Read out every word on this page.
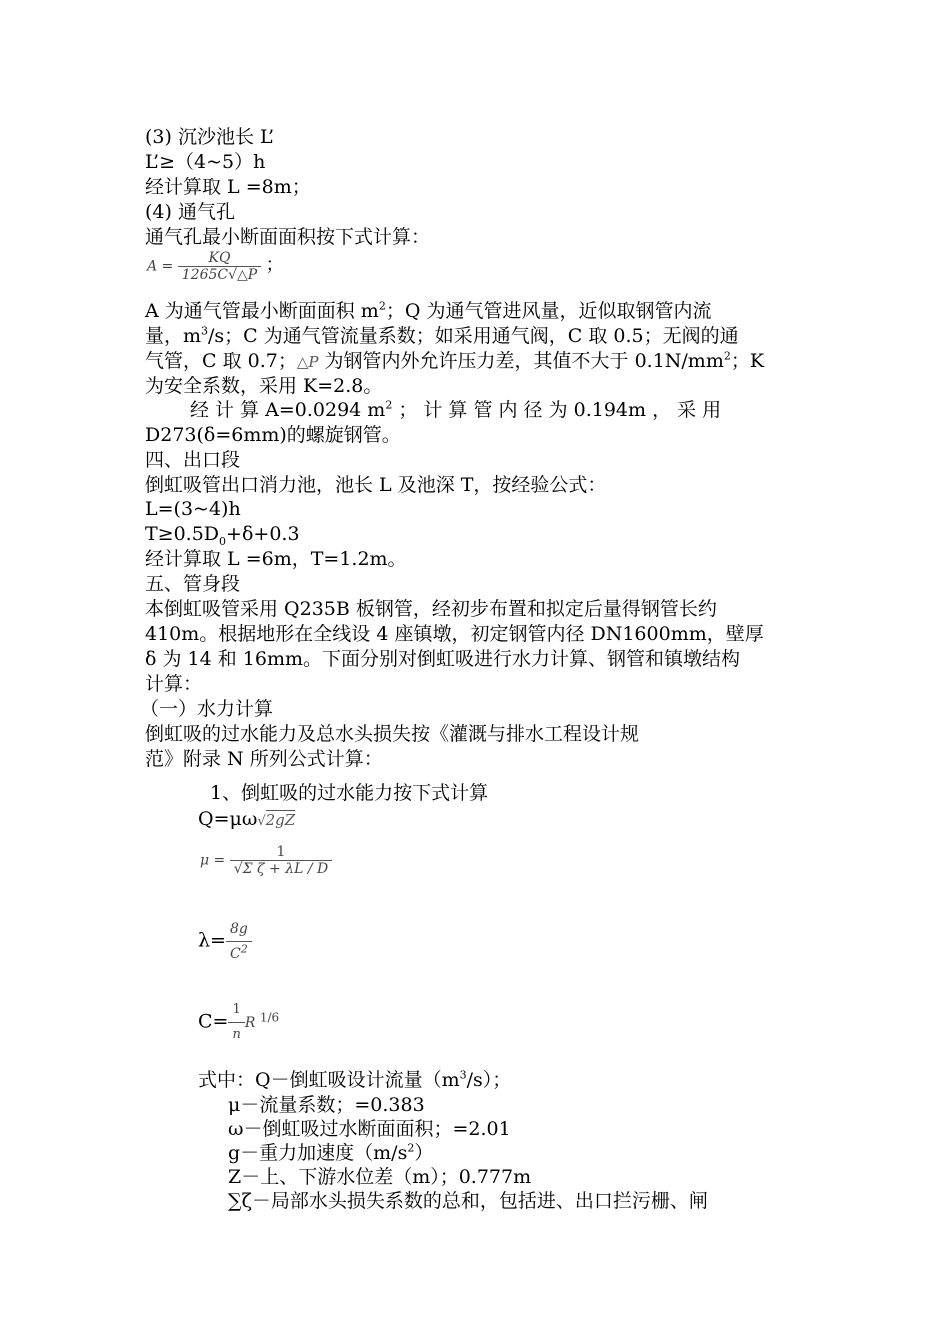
(3) 沉沙池长 L’
L’≥（4~5）h
经计算取 L =8m；
(4) 通气孔
通气孔最小断面面积按下式计算：
$A = \frac{KQ}{1265C√\triangle P}$ ；
A 为通气管最小断面面积 $m^2$；Q 为通气管进风量，近似取钢管内流
量，$m^3/s$；C 为通气管流量系数；如采用通气阀，C 取 0.5；无阀的通
气管，C 取 0.7；△P 为钢管内外允许压力差，其值不大于 $0.1N/mm^2$；K
为安全系数，采用 K=2.8。
经 计 算 A=0.0294 $m^2$ ； 计 算 管 内 径 为 0.194m ， 采 用
D273(δ=6mm)的螺旋钢管。
四、出口段
倒虹吸管出口消力池，池长 L 及池深 T，按经验公式：
L=(3~4)h
$T\ge 0.5D_0+\delta+0.3$
经计算取 L =6m，T=1.2m。
五、管身段
本倒虹吸管采用 Q235B 板钢管，经初步布置和拟定后量得钢管长约
410m。根据地形在全线设 4 座镇墩，初定钢管内径 DN1600mm，壁厚
δ 为 14 和 16mm。下面分别对倒虹吸进行水力计算、钢管和镇墩结构
计算：
（一）水力计算
倒虹吸的过水能力及总水头损失按《灌溉与排水工程设计规
范》附录 N 所列公式计算：
1、倒虹吸的过水能力按下式计算
Q=μω√2gZ
$\mu = \frac{1}{\text{√Σ ζ + λL / D}}$
$\lambda= \frac{8g}{C^2}$
$C= \frac{1}{n}$ R $^{1/6}$
式中：Q－倒虹吸设计流量$(m^3/s)$；
μ－流量系数；=0.383
ω－倒虹吸过水断面面积；=2.01
g－重力加速度$(m/s^2)$
Z－上、下游水位差（m）；0.777m
∑ζ－局部水头损失系数的总和，包括进、出口拦污栅、闸
